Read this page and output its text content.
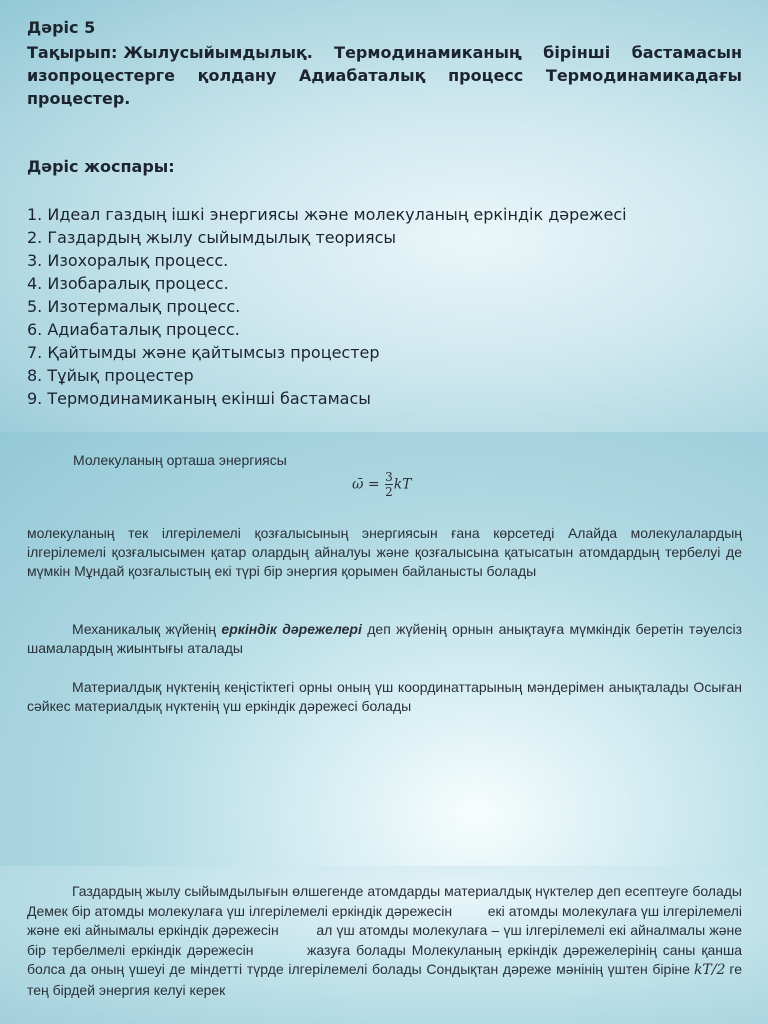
Дәріс 5
Тақырып: Жылусыйымдылық. Термодинамиканың бірінші бастамасын изопроцестерге қолдану Адиабаталық процесс Термодинамикадағы процестер.
Дәріс жоспары:
1. Идеал газдың ішкі энергиясы және молекуланың еркіндік дәрежесі
2. Газдардың жылу сыйымдылық теориясы
3. Изохоралық процесс.
4. Изобаралық процесс.
5. Изотермалық процесс.
6. Адиабаталық процесс.
7. Қайтымды және қайтымсыз процестер
8. Тұйық процестер
9. Термодинамиканың екінші бастамасы
Молекуланың орташа энергиясы
ω̄ = $\frac{3}{2}$ kT
молекуланың тек ілгерілемелі қозғалысының энергиясын ғана көрсетеді Алайда молекулалардың ілгерілемелі қозғалысымен қатар олардың айналуы және қозғалысына қатысатын атомдардың тербелуі де мүмкін Мұндай қозғалыстың екі түрі бір энергия қорымен байланысты болады
Механикалық жүйенің еркіндік дәрежелері деп жүйенің орнын анықтауға мүмкіндік беретін тәуелсіз шамалардың жиынтығы аталады
Материалдық нүктенің кеңістіктегі орны оның үш координаттарының мәндерімен анықталады Осыған сәйкес материалдық нүктенің үш еркіндік дәрежесі болады
Газдардың жылу сыйымдылығын өлшегенде атомдарды материалдық нүктелер деп есептеуге болады Демек бір атомды молекулаға үш ілгерілемелі еркіндік дәрежесін         екі атомды молекулаға үш ілгерілемелі және екі айнымалы еркіндік дәрежесін         ал үш атомды молекулаға – үш ілгерілемелі екі айналмалы және бір тербелмелі еркіндік дәрежесін         жазуға болады Молекуланың еркіндік дәрежелерінің саны қанша болса да оның үшеуі де міндетті түрде ілгерілемелі болады Сондықтан дәреже мәнінің үштен біріне kT/2 ге тең бірдей энергия келуі керек
